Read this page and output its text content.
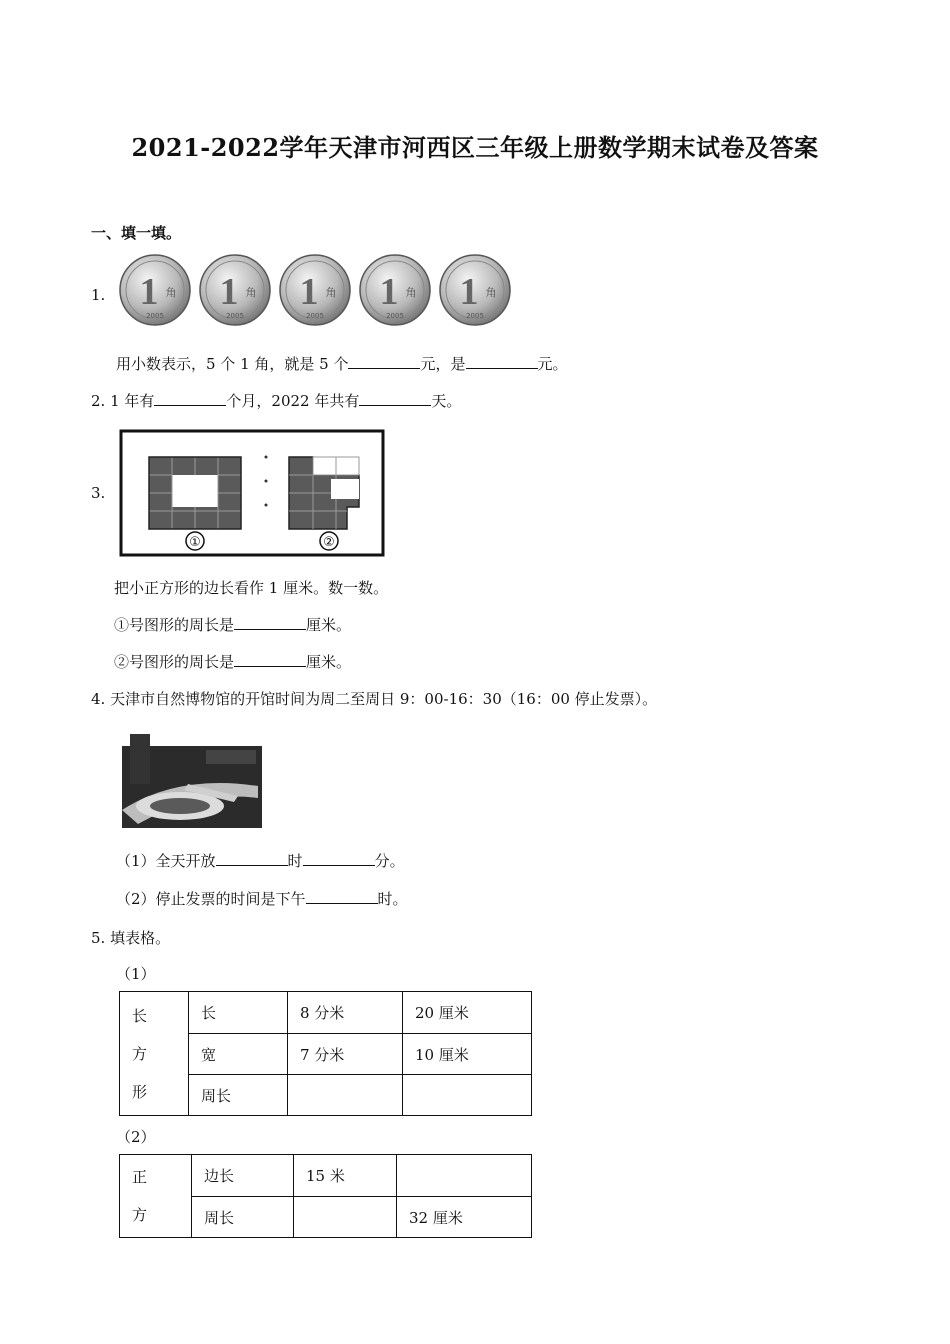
2021-2022学年天津市河西区三年级上册数学期末试卷及答案
一、填一填。
1. 1 角
2005
1 角
2005
1 角
2005
1 角
2005
1 角
2005
用小数表示，5 个 1 角，就是 5 个	元，是	元。
2. 1 年有	个月，2022 年共有	天。
3.
①	②
把小正方形的边长看作 1 厘米。数一数。
①号图形的周长是	厘米。
②号图形的周长是	厘米。
4. 天津市自然博物馆的开馆时间为周二至周日 9：00-16：30（16：00 停止发票）。
（1）全天开放	时	分。
（2）停止发票的时间是下午	时。
5. 填表格。
（1）
长
方
形	长	8 分米	20 厘米
	宽	7 分米	10 厘米
	周长		
（2）
正
方	边长	15 米	
	周长		32 厘米
